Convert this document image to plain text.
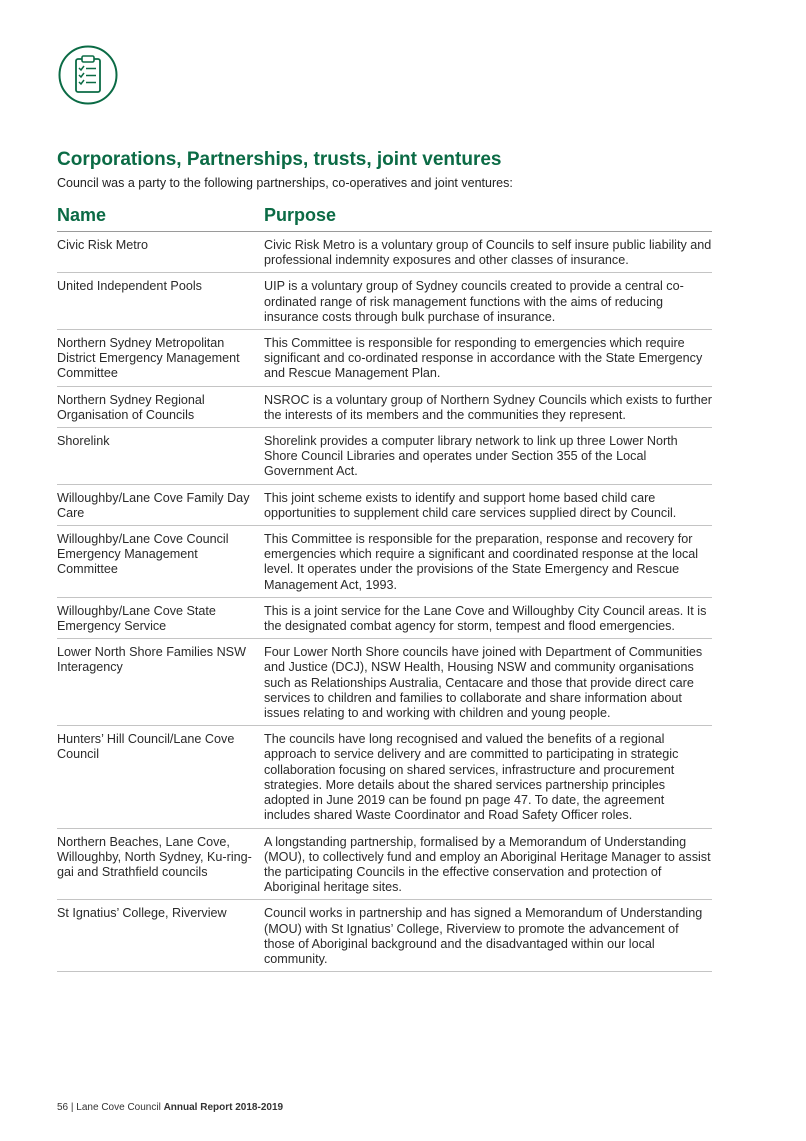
Corporations, Partnerships, trusts, joint ventures

Council was a party to the following partnerships, co-operatives and joint ventures:

Name	Purpose
Civic Risk Metro	Civic Risk Metro is a voluntary group of Councils to self insure public liability and professional indemnity exposures and other classes of insurance.
United Independent Pools	UIP is a voluntary group of Sydney councils created to provide a central co-ordinated range of risk management functions with the aims of reducing insurance costs through bulk purchase of insurance.
Northern Sydney Metropolitan District Emergency Management Committee	This Committee is responsible for responding to emergencies which require significant and co-ordinated response in accordance with the State Emergency and Rescue Management Plan.
Northern Sydney Regional Organisation of Councils	NSROC is a voluntary group of Northern Sydney Councils which exists to further the interests of its members and the communities they represent.
Shorelink	Shorelink provides a computer library network to link up three Lower North Shore Council Libraries and operates under Section 355 of the Local Government Act.
Willoughby/Lane Cove Family Day Care	This joint scheme exists to identify and support home based child care opportunities to supplement child care services supplied direct by Council.
Willoughby/Lane Cove Council Emergency Management Committee	This Committee is responsible for the preparation, response and recovery for emergencies which require a significant and coordinated response at the local level. It operates under the provisions of the State Emergency and Rescue Management Act, 1993.
Willoughby/Lane Cove State Emergency Service	This is a joint service for the Lane Cove and Willoughby City Council areas. It is the designated combat agency for storm, tempest and flood emergencies.
Lower North Shore Families NSW Interagency	Four Lower North Shore councils have joined with Department of Communities and Justice (DCJ), NSW Health, Housing NSW and community organisations such as Relationships Australia, Centacare and those that provide direct care services to children and families to collaborate and share information about issues relating to and working with children and young people.
Hunters’ Hill Council/Lane Cove Council	The councils have long recognised and valued the benefits of a regional approach to service delivery and are committed to participating in strategic collaboration focusing on shared services, infrastructure and procurement strategies. More details about the shared services partnership principles adopted in June 2019 can be found pn page 47. To date, the agreement includes shared Waste Coordinator and Road Safety Officer roles.
Northern Beaches, Lane Cove, Willoughby, North Sydney, Ku-ring-gai and Strathfield councils	A longstanding partnership, formalised by a Memorandum of Understanding (MOU), to collectively fund and employ an Aboriginal Heritage Manager to assist the participating Councils in the effective conservation and protection of Aboriginal heritage sites.
St Ignatius’ College, Riverview	Council works in partnership and has signed a Memorandum of Understanding (MOU) with St Ignatius’ College, Riverview to promote the advancement of those of Aboriginal background and the disadvantaged within our local community.
56 | Lane Cove Council Annual Report 2018-2019
